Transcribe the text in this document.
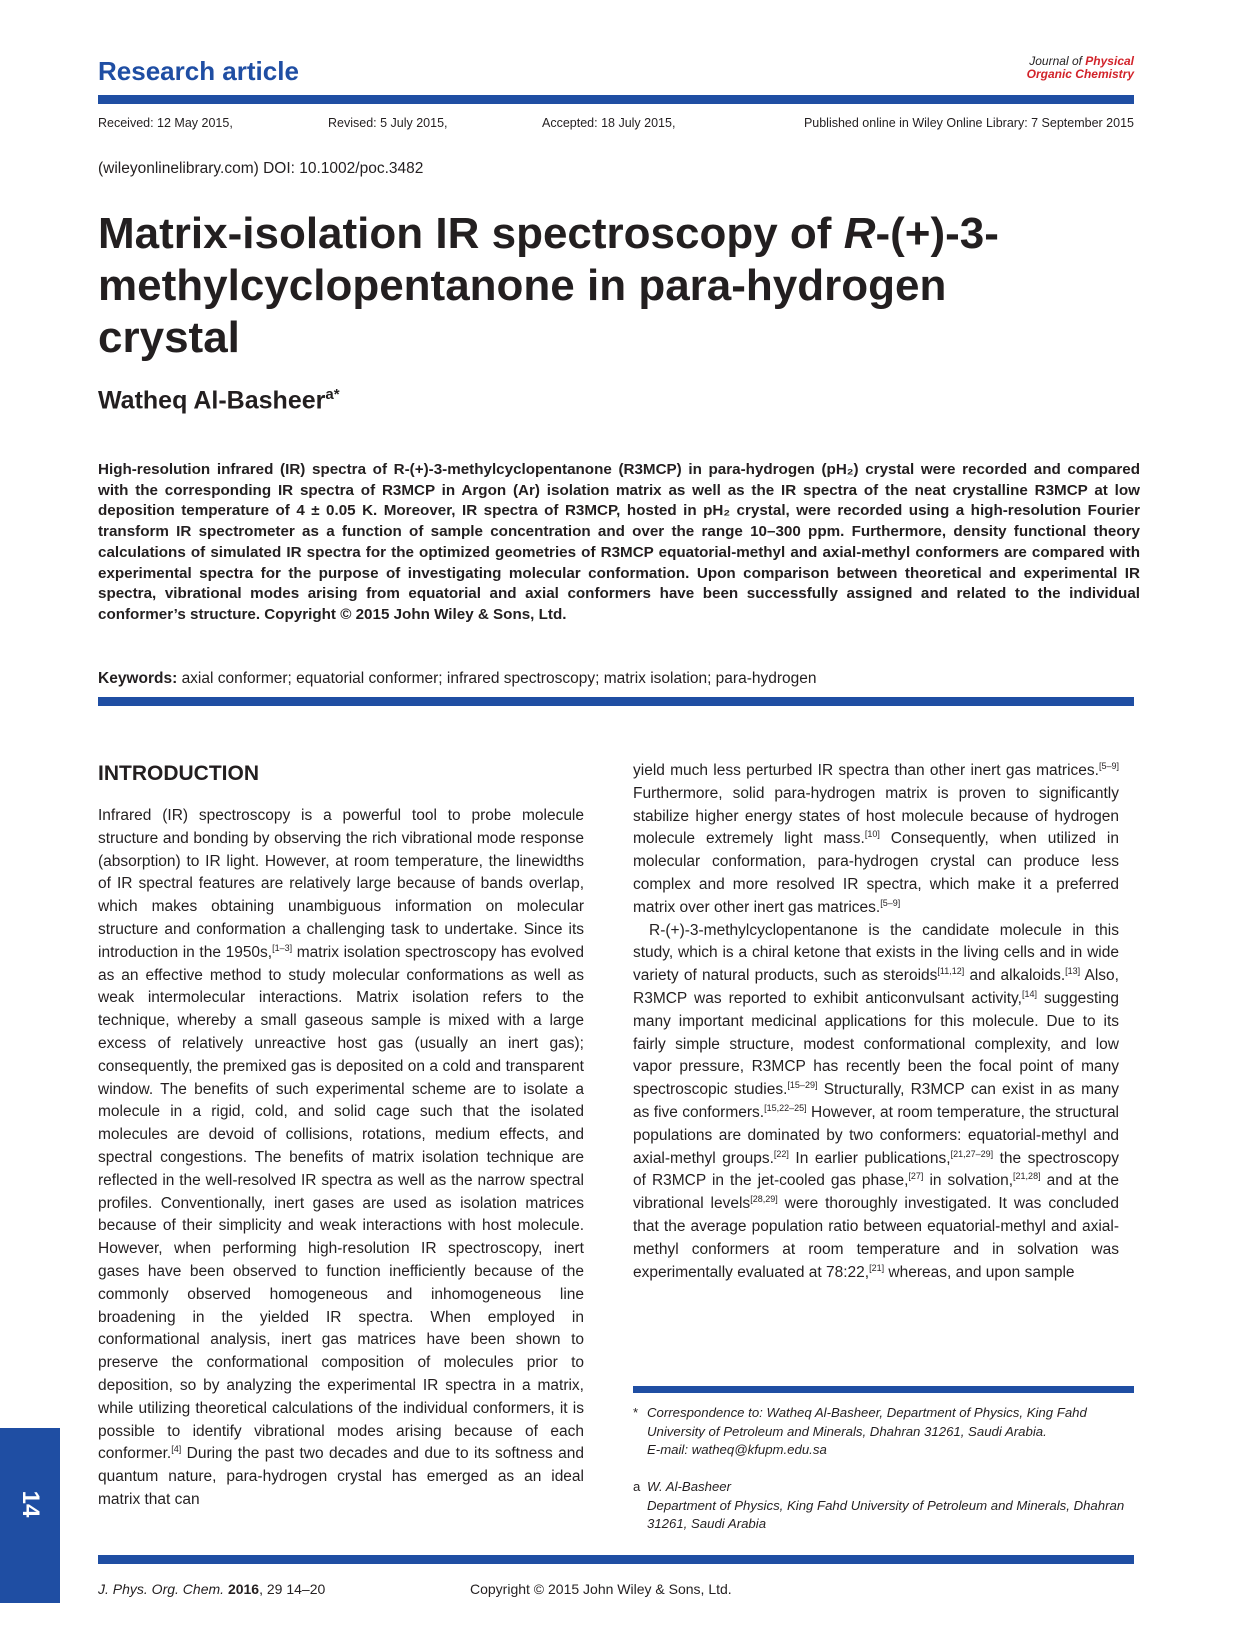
Research article	Journal of Physical
Organic Chemistry
Received: 12 May 2015,	Revised: 5 July 2015,	Accepted: 18 July 2015,	Published online in Wiley Online Library: 7 September 2015
(wileyonlinelibrary.com) DOI: 10.1002/poc.3482
Matrix-isolation IR spectroscopy of R-(+)-3-methylcyclopentanone in para-hydrogen crystal
Watheq Al-Basheer$^{a*}$
High-resolution infrared (IR) spectra of R-(+)-3-methylcyclopentanone (R3MCP) in para-hydrogen (pH₂) crystal were recorded and compared with the corresponding IR spectra of R3MCP in Argon (Ar) isolation matrix as well as the IR spectra of the neat crystalline R3MCP at low deposition temperature of 4 ± 0.05 K. Moreover, IR spectra of R3MCP, hosted in pH₂ crystal, were recorded using a high-resolution Fourier transform IR spectrometer as a function of sample concentration and over the range 10–300 ppm. Furthermore, density functional theory calculations of simulated IR spectra for the optimized geometries of R3MCP equatorial-methyl and axial-methyl conformers are compared with experimental spectra for the purpose of investigating molecular conformation. Upon comparison between theoretical and experimental IR spectra, vibrational modes arising from equatorial and axial conformers have been successfully assigned and related to the individual conformer’s structure. Copyright © 2015 John Wiley & Sons, Ltd.
Keywords: axial conformer; equatorial conformer; infrared spectroscopy; matrix isolation; para-hydrogen
INTRODUCTION

Infrared (IR) spectroscopy is a powerful tool to probe molecule structure and bonding by observing the rich vibrational mode response (absorption) to IR light. However, at room temperature, the linewidths of IR spectral features are relatively large because of bands overlap, which makes obtaining unambiguous information on molecular structure and conformation a challenging task to undertake. Since its introduction in the 1950s,[1–3] matrix isolation spectroscopy has evolved as an effective method to study molecular conformations as well as weak intermolecular interactions. Matrix isolation refers to the technique, whereby a small gaseous sample is mixed with a large excess of relatively unreactive host gas (usually an inert gas); consequently, the premixed gas is deposited on a cold and transparent window. The benefits of such experimental scheme are to isolate a molecule in a rigid, cold, and solid cage such that the isolated molecules are devoid of collisions, rotations, medium effects, and spectral congestions. The benefits of matrix isolation technique are reflected in the well-resolved IR spectra as well as the narrow spectral profiles. Conventionally, inert gases are used as isolation matrices because of their simplicity and weak interactions with host molecule. However, when performing high-resolution IR spectroscopy, inert gases have been observed to function inefficiently because of the commonly observed homogeneous and inhomogeneous line broadening in the yielded IR spectra. When employed in conformational analysis, inert gas matrices have been shown to preserve the conformational composition of molecules prior to deposition, so by analyzing the experimental IR spectra in a matrix, while utilizing theoretical calculations of the individual conformers, it is possible to identify vibrational modes arising because of each conformer.[4] During the past two decades and due to its softness and quantum nature, para-hydrogen crystal has emerged as an ideal matrix that can

yield much less perturbed IR spectra than other inert gas matrices.[5–9] Furthermore, solid para-hydrogen matrix is proven to significantly stabilize higher energy states of host molecule because of hydrogen molecule extremely light mass.[10] Consequently, when utilized in molecular conformation, para-hydrogen crystal can produce less complex and more resolved IR spectra, which make it a preferred matrix over other inert gas matrices.[5–9]

R-(+)-3-methylcyclopentanone is the candidate molecule in this study, which is a chiral ketone that exists in the living cells and in wide variety of natural products, such as steroids[11,12] and alkaloids.[13] Also, R3MCP was reported to exhibit anticonvulsant activity,[14] suggesting many important medicinal applications for this molecule. Due to its fairly simple structure, modest conformational complexity, and low vapor pressure, R3MCP has recently been the focal point of many spectroscopic studies.[15–29] Structurally, R3MCP can exist in as many as five conformers.[15,22–25] However, at room temperature, the structural populations are dominated by two conformers: equatorial-methyl and axial-methyl groups.[22] In earlier publications,[21,27–29] the spectroscopy of R3MCP in the jet-cooled gas phase,[27] in solvation,[21,28] and at the vibrational levels[28,29] were thoroughly investigated. It was concluded that the average population ratio between equatorial-methyl and axial-methyl conformers at room temperature and in solvation was experimentally evaluated at 78:22,[21] whereas, and upon sample

* Correspondence to: Watheq Al-Basheer, Department of Physics, King Fahd University of Petroleum and Minerals, Dhahran 31261, Saudi Arabia.
E-mail: watheq@kfupm.edu.sa
a W. Al-Basheer
Department of Physics, King Fahd University of Petroleum and Minerals, Dhahran 31261, Saudi Arabia
14
J. Phys. Org. Chem. 2016, 29 14–20	Copyright © 2015 John Wiley & Sons, Ltd.
